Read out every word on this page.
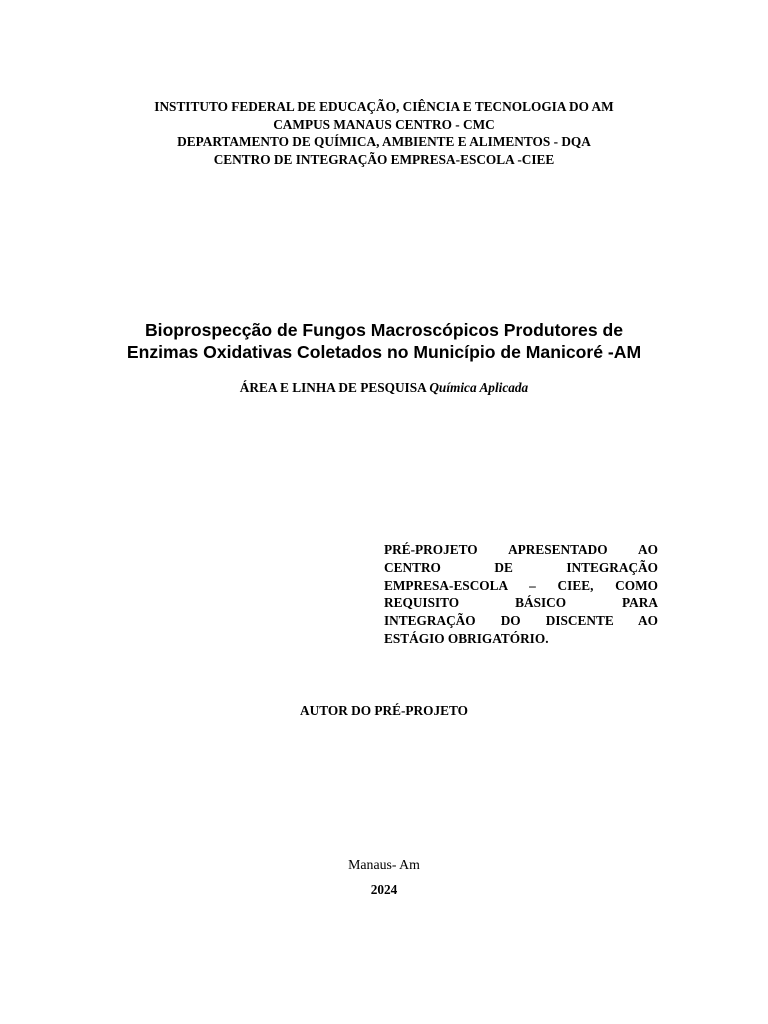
INSTITUTO FEDERAL DE EDUCAÇÃO, CIÊNCIA E TECNOLOGIA DO AM
CAMPUS MANAUS CENTRO - CMC
DEPARTAMENTO DE QUÍMICA, AMBIENTE E ALIMENTOS - DQA
CENTRO DE INTEGRAÇÃO EMPRESA-ESCOLA -CIEE
Bioprospecção de Fungos Macroscópicos Produtores de
Enzimas Oxidativas Coletados no Município de Manicoré -AM
ÁREA E LINHA DE PESQUISA Química Aplicada
PRÉ-PROJETO APRESENTADO AO
CENTRO DE INTEGRAÇÃO
EMPRESA-ESCOLA – CIEE, COMO
REQUISITO BÁSICO PARA
INTEGRAÇÃO DO DISCENTE AO
ESTÁGIO OBRIGATÓRIO.
AUTOR DO PRÉ-PROJETO
Manaus- Am
2024
